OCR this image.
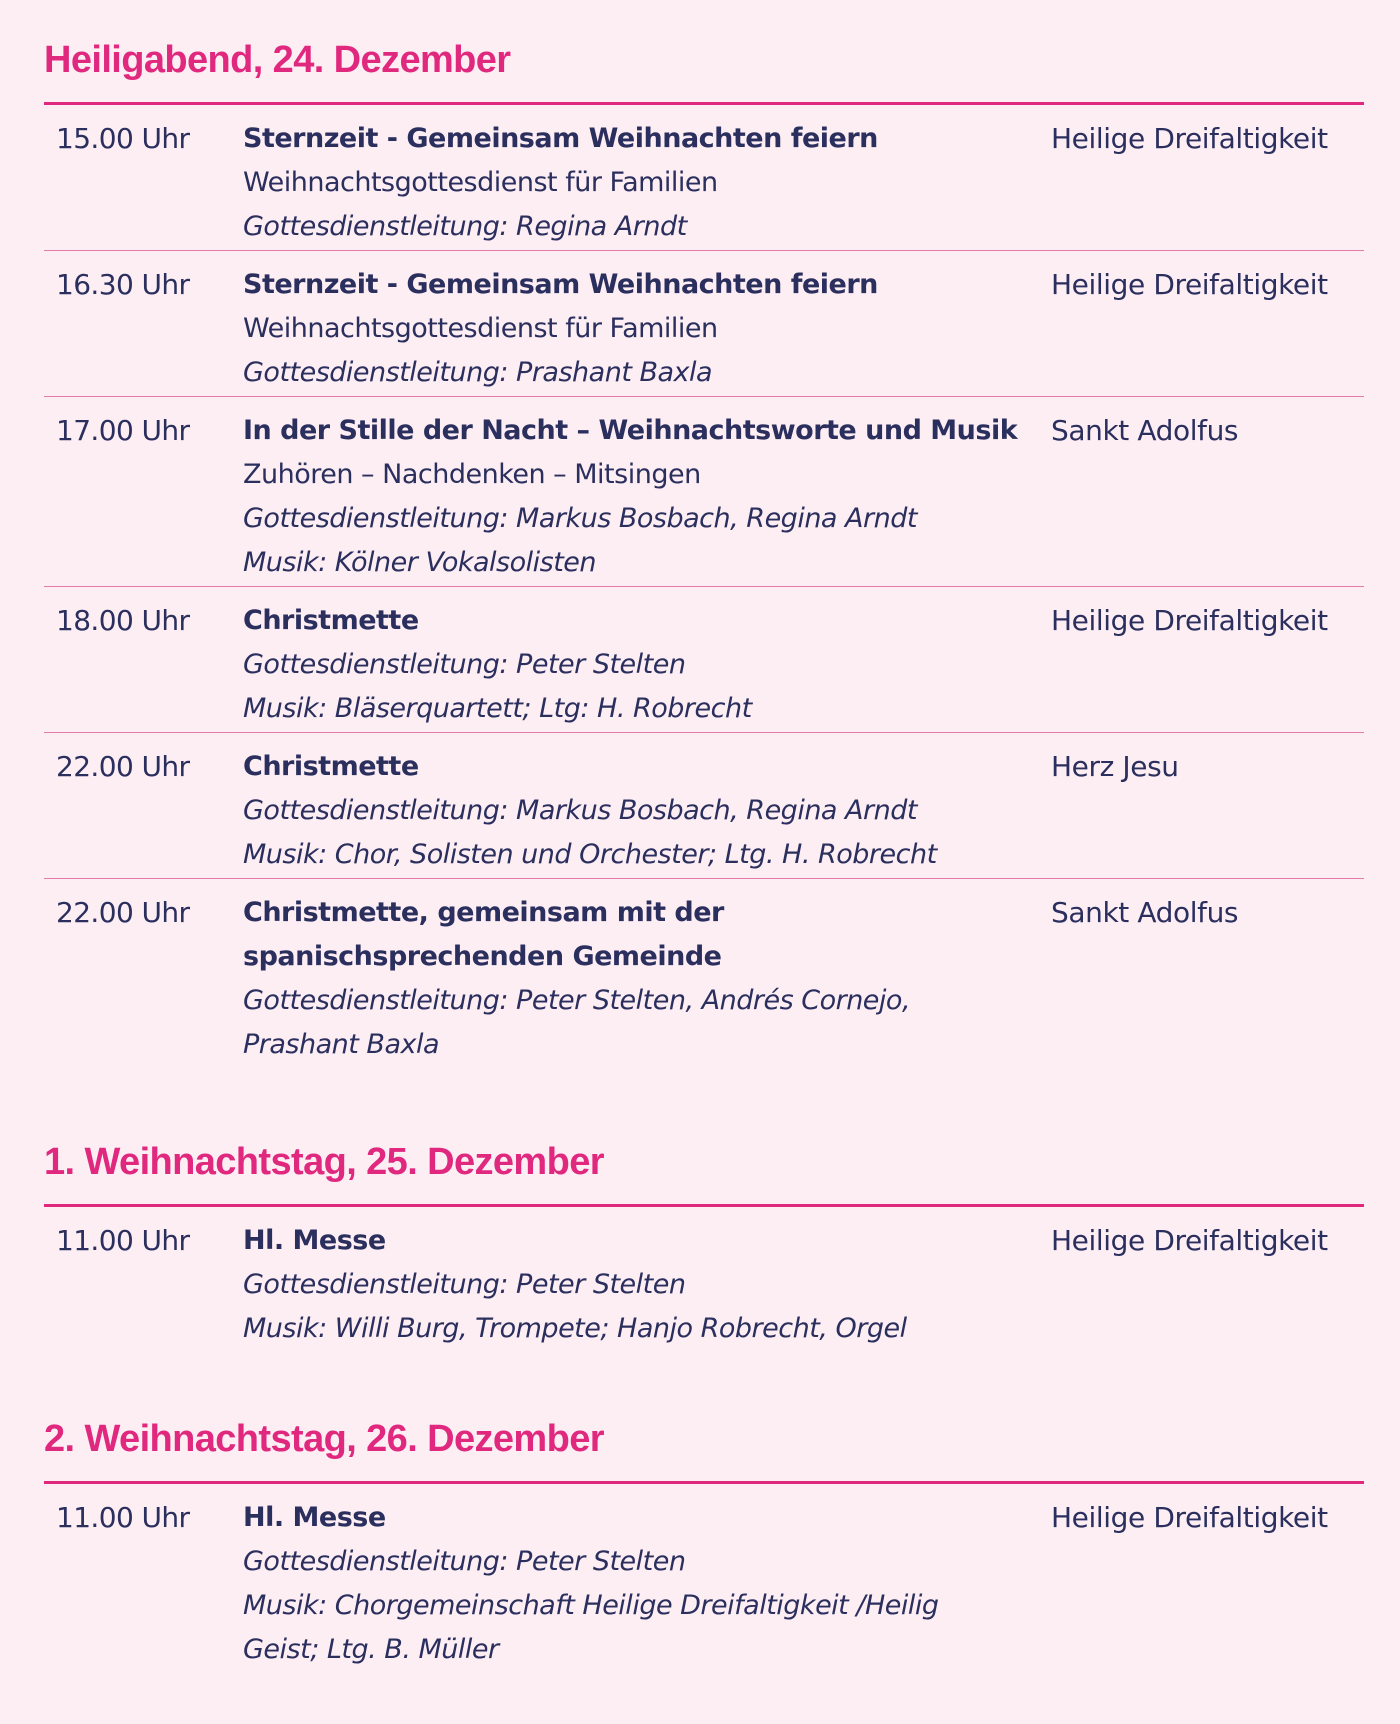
Heiligabend, 24. Dezember
15.00 Uhr Sternzeit - Gemeinsam Weihnachten feiern
Weihnachtsgottesdienst für Familien
Gottesdienstleitung: Regina Arndt
Heilige Dreifaltigkeit
16.30 Uhr Sternzeit - Gemeinsam Weihnachten feiern
Weihnachtsgottesdienst für Familien
Gottesdienstleitung: Prashant Baxla
Heilige Dreifaltigkeit
17.00 Uhr In der Stille der Nacht – Weihnachtsworte und Musik
Zuhören – Nachdenken – Mitsingen
Gottesdienstleitung: Markus Bosbach, Regina Arndt
Musik: Kölner Vokalsolisten
Sankt Adolfus
18.00 Uhr Christmette
Gottesdienstleitung: Peter Stelten
Musik: Bläserquartett; Ltg: H. Robrecht
Heilige Dreifaltigkeit
22.00 Uhr Christmette
Gottesdienstleitung: Markus Bosbach, Regina Arndt
Musik: Chor, Solisten und Orchester; Ltg. H. Robrecht
Herz Jesu
22.00 Uhr Christmette, gemeinsam mit der
spanischsprechenden Gemeinde
Gottesdienstleitung: Peter Stelten, Andrés Cornejo,
Prashant Baxla
Sankt Adolfus
1. Weihnachtstag, 25. Dezember
11.00 Uhr Hl. Messe
Gottesdienstleitung: Peter Stelten
Musik: Willi Burg, Trompete; Hanjo Robrecht, Orgel
Heilige Dreifaltigkeit
2. Weihnachtstag, 26. Dezember
11.00 Uhr Hl. Messe
Gottesdienstleitung: Peter Stelten
Musik: Chorgemeinschaft Heilige Dreifaltigkeit /Heilig
Geist; Ltg. B. Müller
Heilige Dreifaltigkeit
